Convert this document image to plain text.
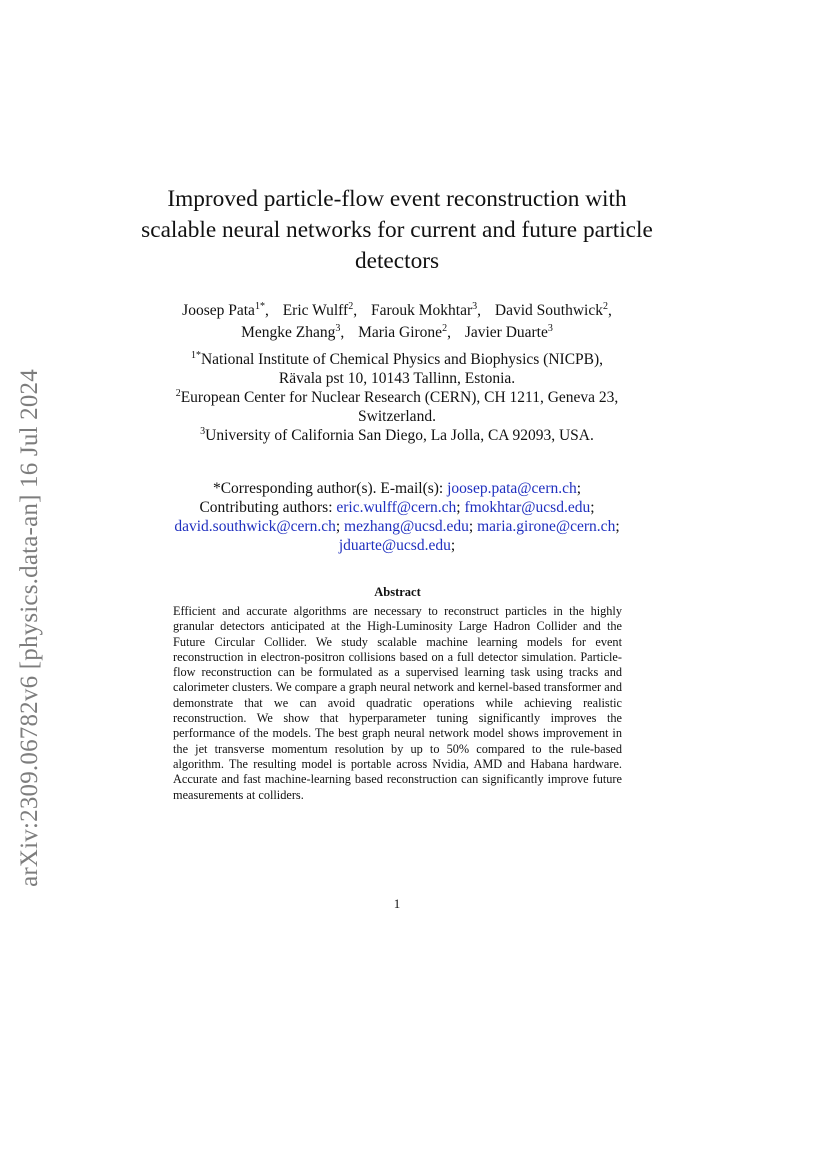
arXiv:2309.06782v6 [physics.data-an] 16 Jul 2024
Improved particle-flow event reconstruction with scalable neural networks for current and future particle detectors
Joosep Pata$^{1*}$, Eric Wulff$^2$, Farouk Mokhtar$^3$, David Southwick$^2$,
Mengke Zhang$^3$, Maria Girone$^2$, Javier Duarte$^3$
$^{1*}$National Institute of Chemical Physics and Biophysics (NICPB),
Rävala pst 10, 10143 Tallinn, Estonia.
$^2$European Center for Nuclear Research (CERN), CH 1211, Geneva 23,
Switzerland.
$^3$University of California San Diego, La Jolla, CA 92093, USA.
*Corresponding author(s). E-mail(s): joosep.pata@cern.ch;
Contributing authors: eric.wulff@cern.ch; fmokhtar@ucsd.edu;
david.southwick@cern.ch; mezhang@ucsd.edu; maria.girone@cern.ch;
jduarte@ucsd.edu;
Abstract
Efficient and accurate algorithms are necessary to reconstruct particles in the highly granular detectors anticipated at the High-Luminosity Large Hadron Collider and the Future Circular Collider. We study scalable machine learning models for event reconstruction in electron-positron collisions based on a full detector simulation. Particle-flow reconstruction can be formulated as a supervised learning task using tracks and calorimeter clusters. We compare a graph neural network and kernel-based transformer and demonstrate that we can avoid quadratic operations while achieving realistic reconstruction. We show that hyperparameter tuning significantly improves the performance of the models. The best graph neural network model shows improvement in the jet transverse momentum resolution by up to 50% compared to the rule-based algorithm. The resulting model is portable across Nvidia, AMD and Habana hardware. Accurate and fast machine-learning based reconstruction can significantly improve future measurements at colliders.
1
